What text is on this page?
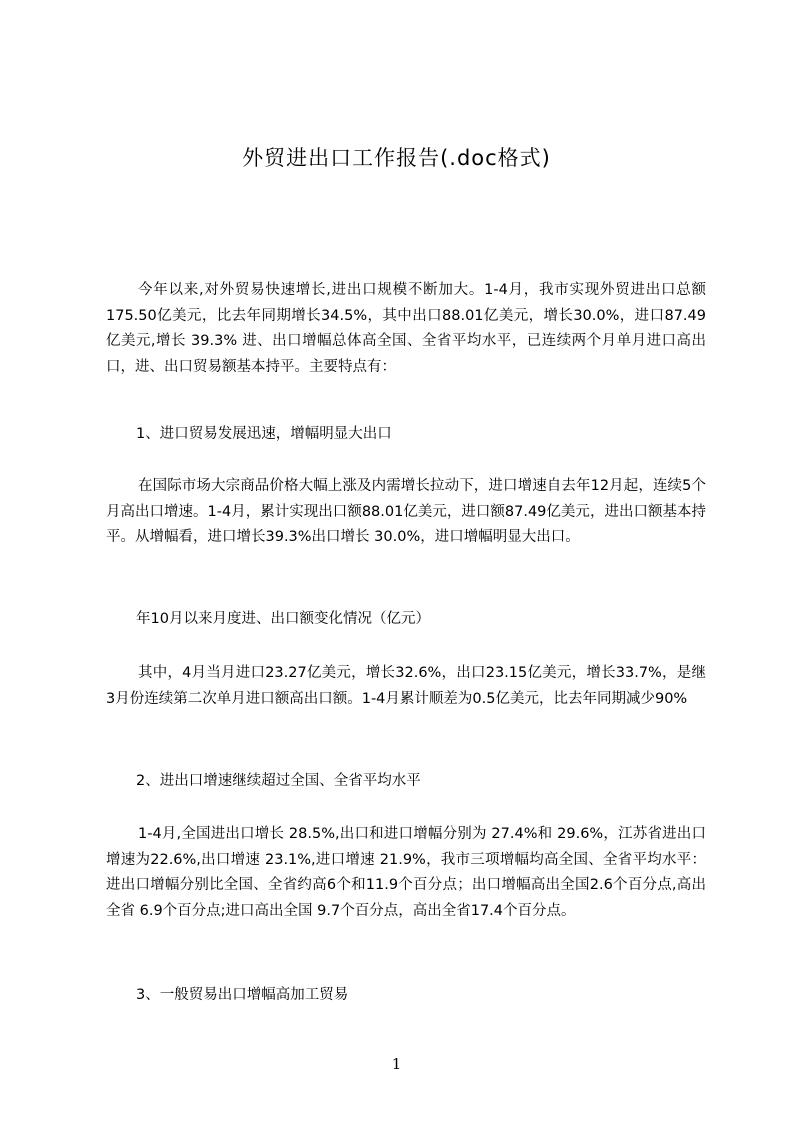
外贸进出口工作报告(.doc格式)

今年以来,对外贸易快速增长,进出口规模不断加大。1-4月，我市实现外贸进出口总额175.50亿美元，比去年同期增长34.5%，其中出口88.01亿美元，增长30.0%，进口87.49亿美元,增长 39.3% 进、出口增幅总体高全国、全省平均水平，已连续两个月单月进口高出口，进、出口贸易额基本持平。主要特点有：

1、进口贸易发展迅速，增幅明显大出口

在国际市场大宗商品价格大幅上涨及内需增长拉动下，进口增速自去年12月起，连续5个月高出口增速。1-4月，累计实现出口额88.01亿美元，进口额87.49亿美元，进出口额基本持平。从增幅看，进口增长39.3%出口增长 30.0%，进口增幅明显大出口。

年10月以来月度进、出口额变化情况（亿元）

其中，4月当月进口23.27亿美元，增长32.6%，出口23.15亿美元，增长33.7%，是继3月份连续第二次单月进口额高出口额。1-4月累计顺差为0.5亿美元，比去年同期减少90%

2、进出口增速继续超过全国、全省平均水平

1-4月,全国进出口增长 28.5%,出口和进口增幅分别为 27.4%和 29.6%，江苏省进出口增速为22.6%,出口增速 23.1%,进口增速 21.9%，我市三项增幅均高全国、全省平均水平：进出口增幅分别比全国、全省约高6个和11.9个百分点；出口增幅高出全国2.6个百分点,高出全省 6.9个百分点;进口高出全国 9.7个百分点，高出全省17.4个百分点。

3、一般贸易出口增幅高加工贸易

1
